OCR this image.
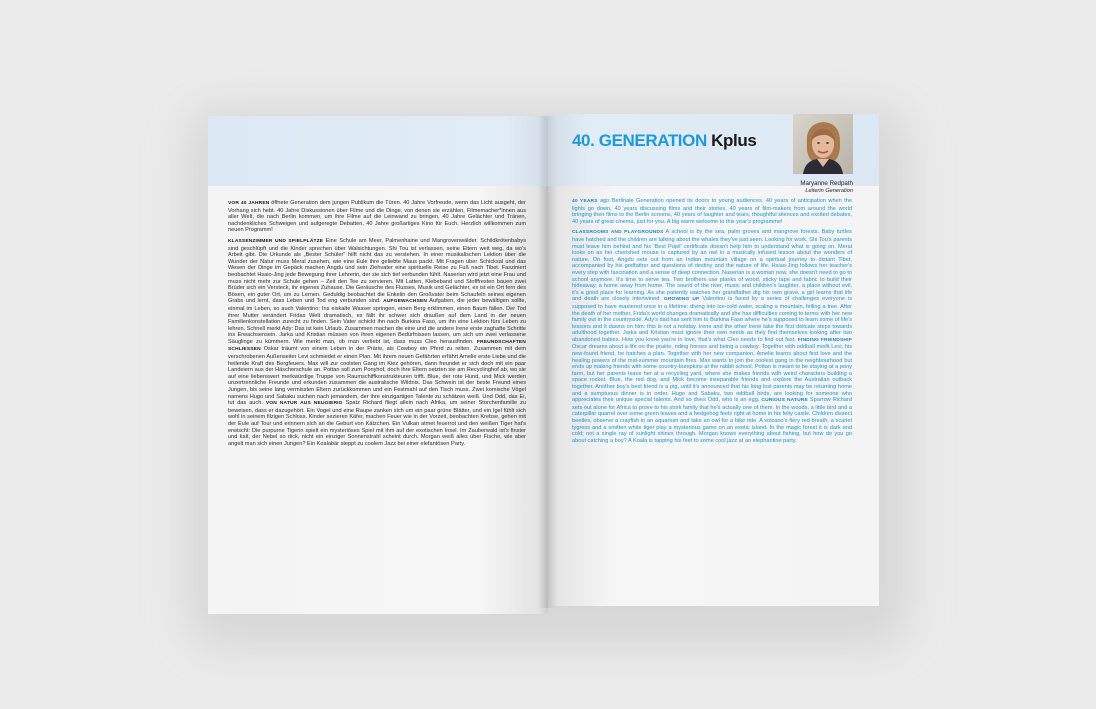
VOR 40 JAHREN öffnete Generation dem jungen Publikum die Türen. 40 Jahre Vorfreude, wenn das Licht ausgeht, der Vorhang sich hebt. 40 Jahre Diskussionen über Filme und die Dinge, von denen sie erzählen, Filmemacher*innen aus aller Welt, die nach Berlin kommen, um ihre Filme auf die Leinwand zu bringen, 40 Jahre Gelächter und Tränen, nachdenkliches Schweigen und aufgeregte Debatten, 40 Jahre großartiges Kino für Euch. Herzlich willkommen zum neuen Programm!

KLASSENZIMMER UND SPIELPLÄTZE Eine Schule am Meer, Palmenhaine und Mangrovenwälder. Schildkrötenbabys sind geschlüpft und die Kinder sprechen über Walsichtungen. Shi Tou ist verlassen, seine Eltern weit weg, da wo's Arbeit gibt. Die Urkunde als „Bester Schüler" hilft nicht das zu verstehen. In einer musikalischen Lektion über die Wunder der Natur muss Meral zusehen, wie eine Eule ihre geliebte Maus packt. Mit Fragen über Schicksal und das Wesen der Dinge im Gepäck machen Angdu und sein Ziehvater eine spirituelle Reise zu Fuß nach Tibet. Fasziniert beobachtet Hsaio-Jing jede Bewegung ihrer Lehrerin, der sie sich tief verbunden fühlt. Naserian wird jetzt eine Frau und muss nicht mehr zur Schule gehen – Zeit den Tee zu servieren. Mit Latten, Klebeband und Stofffresten bauen zwei Brüder sich ein Versteck, ihr eigenes Zuhause. Die Geräusche des Flusses, Musik und Gelächter, es ist ein Ort fern des Bösen, ein guter Ort, um zu Lernen. Geduldig beobachtet die Enkelin den Großvater beim Schaufeln seines eigenen Grabs und lernt, dass Leben und Tod eng verbunden sind. AUFGEWACHSEN Aufgaben, die jeder bewältigen sollte, einmal im Leben, so auch Valentino: Ins eiskalte Wasser springen, einen Berg erklimmen, einen Baum fällen. Der Tod ihrer Mutter verändert Fridas Welt dramatisch, es fällt ihr schwer sich draußen auf dem Land in der neuen Familienkonstellation zurecht zu finden. Sein Vater schickt ihn nach Burkina Faso, um ihn eine Lektion fürs Leben zu lehren. Schnell merkt Ady: Das ist kein Urlaub. Zusammen machen die eine und die andere Irene erste zaghafte Schritte ins Erwachsensein. Jarka und Kristian müssen von ihren eigenen Bedürfnissen lassen, um sich um zwei verlassene Säuglinge zu kümmern. Wie merkt man, ob man verliebt ist, dass muss Cleo herausfinden. FREUNDSCHAFTEN SCHLIESSEN Oskar träumt von einem Leben in der Prärie, als Cowboy ein Pferd zu reiten. Zusammen mit dem verschrobenen Außenseiter Levi schmiedet er einen Plan. Mit ihrem neuen Gefährten erfährt Amelie erste Liebe und die heilende Kraft des Bergfeuers. Max will zur coolsten Gang im Kiez gehören, dann freundet er sich doch mit ein paar Landeiern aus der Häscherschule an. Pottan soll zum Ponyhof, doch ihre Eltern setzten sie am Recyclinghof ab, wo sie auf eine liebenswert merkwürdige Truppe von Raumschiffkonstrukteuren trifft. Blue, der rote Hund, und Mick werden unzertrennliche Freunde und erkunden zusammen die australische Wildnis. Das Schwein ist der beste Freund eines Jungen, bis seine lang vermissten Eltern zurückkommen und ein Festmahl auf den Tisch muss. Zwei komische Vögel namens Hugo und Sabaku suchen nach jemandem, der ihre einzigartigen Talente zu schätzen weiß. Und Odd, das Ei, tut das auch. VON NATUR AUS NEUGIERIG Spatz Richard fliegt allein nach Afrika, um seiner Storchenfamilie zu beweisen, dass er dazugehört. Ein Vogel und eine Raupe zanken sich um ein paar grüne Blätter, und ein Igel fühlt sich wohl in seinem filzigen Schloss. Kinder sezieren Käfer, machen Feuer wie in der Vorzeit, beobachten Krebse, gehen mit der Eule auf Tour und erinnern sich an die Geburt von Kätzchen. Ein Vulkan atmet feuerrot und den weißen Tiger hat's erwischt: Die purpurne Tigerin spielt ein mysteriöses Spiel mit ihm auf der exotischen Insel. Im Zauberwald ist's finster und kalt, der Nebel so dick, nicht ein einziger Sonnenstrahl scheint durch. Morgan weiß alles über Fische, wie aber angelt man sich einen Jungen? Ein Koalabär steppt zu coolem Jazz bei einer elefantösen Party.

40. GENERATION Kplus
Maryanne Redpath
Leiterin Generation

40 YEARS ago Berlinale Generation opened its doors to young audiences. 40 years of anticipation when the lights go down, 40 years discussing films and their stories, 40 years of film-makers from around the world bringing their films to the Berlin screens, 40 years of laughter and tears, thoughtful silences and excited debates, 40 years of great cinema, just for you. A big warm welcome to this year's programme!

CLASSROOMS AND PLAYGROUNDS A school is by the sea, palm groves and mangrove forests. Baby turtles have hatched and the children are talking about the whales they've just seen. Looking for work, Shi Tou's parents must leave him behind and his 'Best Pupil' certificate doesn't help him to understand what is going on. Meral looks on as her cherished mouse is captured by an owl in a musically infused lesson about the wonders of nature. On foot, Angdu sets out from an Indian mountain village on a spiritual journey to distant Tibet, accompanied by his godfather and questions of destiny and the nature of life. Hsiao-Jing follows her teacher's every step with fascination and a sense of deep connection. Naserian is a woman now, she doesn't need to go to school anymore. It's time to serve tea. Two brothers use planks of wood, sticky tape and fabric to build their hideaway, a home away from home. The sound of the river, music and children's laughter, a place without evil, it's a good place for learning. As she patiently watches her grandfather dig his own grave, a girl learns that life and death are closely intertwined. GROWING UP Valentino is faced by a series of challenges everyone is supposed to have mastered once in a lifetime: diving into ice-cold water, scaling a mountain, felling a tree. After the death of her mother, Frida's world changes dramatically and she has difficulties coming to terms with her new family out in the countryside. Ady's dad has sent him to Burkina Faso where he's supposed to learn some of life's lessons and it dawns on him: this is not a holiday. Irene and the other Irene take the first delicate steps towards adulthood together. Jarka and Kristian must ignore their own needs as they find themselves looking after two abandoned babies. How you know you're in love, that's what Cleo needs to find out fast. FINDING FRIENDSHIP Oscar dreams about a life on the prairie, riding horses and being a cowboy. Together with oddball misfit Levi, his new-found friend, he hatches a plan. Together with her new companion, Amelie learns about first love and the healing powers of the mid-summer mountain fires. Max wants to join the coolest gang in the neighbourhood but ends up making friends with some country-bumpkins at the rabbit school. Pottan is meant to be staying at a pony farm, but her parents leave her at a recycling yard, where she makes friends with weird characters building a space rocket. Blue, the red dog, and Mick become inseparable friends and explore the Australian outback together. Another boy's best friend is a pig, until it's announced that his long lost parents may be returning home and a sumptuous dinner is in order. Hugo and Sabaku, two oddball birds, are looking for someone who appreciates their unique special talents. And so does Odd, who is an egg. CURIOUS NATURE Sparrow Richard sets out alone for Africa to prove to his stork family that he's actually one of them. In the woods, a little bird and a caterpillar quarrel over some green leaves and a hedgehog feels right at home in his felty castle. Children dissect beetles, observe a crayfish in an aquarium and take an owl for a bike ride. A volcano's fiery red breath, a scarlet tygress and a smitten white tiger play a mysterious game on an exotic island. In the magic forest it is dark and cold; not a single ray of sunlight shines through. Morgan knows everything about fishing, but how do you go about catching a boy? A Koala is tapping his feet to some cool jazz at an elephantine party.
